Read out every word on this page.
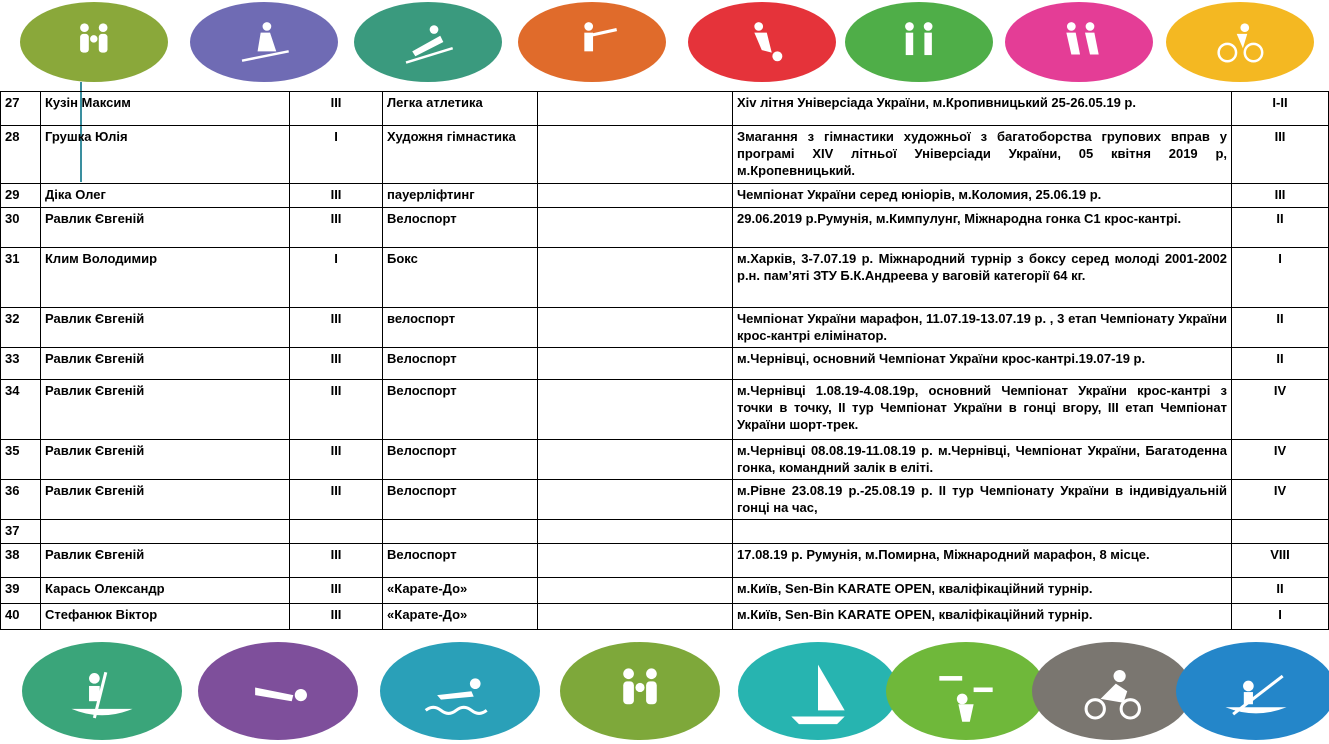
27	Кузін Максим	ІІІ	Легка атлетика		Xiv літня Універсіада України, м.Кропивницький 25-26.05.19 р.	I-II
28	Грушка Юлія	І	Художня гімнастика		Змагання з гімнастики художньої з багатоборства групових вправ у програмі XIV літньої Універсіади України, 05 квітня 2019 р, м.Кропевницький.	III
29	Діка Олег	ІІІ	пауерліфтинг		Чемпіонат України серед юніорів, м.Коломия, 25.06.19 р.	III
30	Равлик Євгеній	ІІІ	Велоспорт		29.06.2019 р.Румунія, м.Кимпулунг, Міжнародна гонка С1 крос-кантрі.	II
31	Клим Володимир	І	Бокс		м.Харків, 3-7.07.19 р. Міжнародний турнір з боксу серед молоді 2001-2002 р.н. пам’яті ЗТУ Б.К.Андреева у ваговій категорії 64 кг.	I
32	Равлик Євгеній	ІІІ	велоспорт		Чемпіонат України марафон, 11.07.19-13.07.19 р. , 3 етап Чемпіонату України крос-кантрі елімінатор.	II
33	Равлик Євгеній	ІІІ	Велоспорт		м.Чернівці, основний Чемпіонат України крос-кантрі.19.07-19 р.	II
34	Равлик Євгеній	ІІІ	Велоспорт		м.Чернівці 1.08.19-4.08.19р, основний Чемпіонат України крос-кантрі з точки в точку, ІІ тур Чемпіонат України в гонці вгору, ІІІ етап Чемпіонат України шорт-трек.	IV
35	Равлик Євгеній	ІІІ	Велоспорт		м.Чернівці 08.08.19-11.08.19 р. м.Чернівці, Чемпіонат України, Багатоденна гонка, командний залік в еліті.	IV
36	Равлик Євгеній	ІІІ	Велоспорт		м.Рівне 23.08.19 р.-25.08.19 р. ІІ тур Чемпіонату України в індивідуальній гонці на час,	IV
37						
38	Равлик Євгеній	ІІІ	Велоспорт		17.08.19 р. Румунія, м.Помирна, Міжнародний марафон, 8 місце.	VIII
39	Карась Олександр	ІІІ	«Карате-До»		м.Київ, Sen-Bin KARATE OPEN, кваліфікаційний турнір.	II
40	Стефанюк Віктор	ІІІ	«Карате-До»		м.Київ, Sen-Bin KARATE OPEN, кваліфікаційний турнір.	I
